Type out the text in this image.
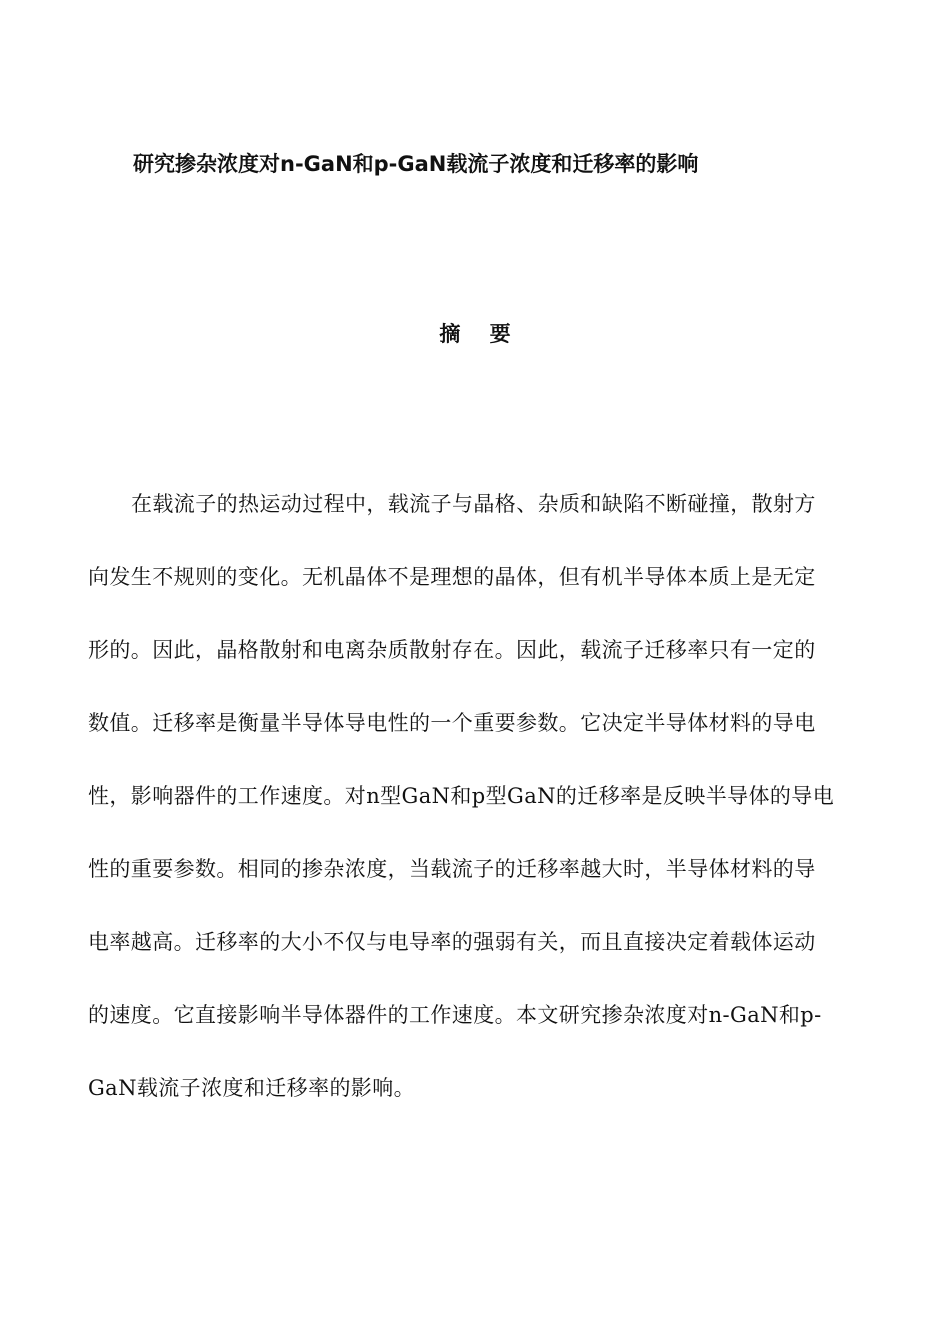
研究掺杂浓度对n-GaN和p-GaN载流子浓度和迁移率的影响
摘    要
在载流子的热运动过程中，载流子与晶格、杂质和缺陷不断碰撞，散射方
向发生不规则的变化。无机晶体不是理想的晶体，但有机半导体本质上是无定
形的。因此，晶格散射和电离杂质散射存在。因此，载流子迁移率只有一定的
数值。迁移率是衡量半导体导电性的一个重要参数。它决定半导体材料的导电
性，影响器件的工作速度。对n型GaN和p型GaN的迁移率是反映半导体的导电
性的重要参数。相同的掺杂浓度，当载流子的迁移率越大时，半导体材料的导
电率越高。迁移率的大小不仅与电导率的强弱有关，而且直接决定着载体运动
的速度。它直接影响半导体器件的工作速度。本文研究掺杂浓度对n-GaN和p-
GaN载流子浓度和迁移率的影响。
